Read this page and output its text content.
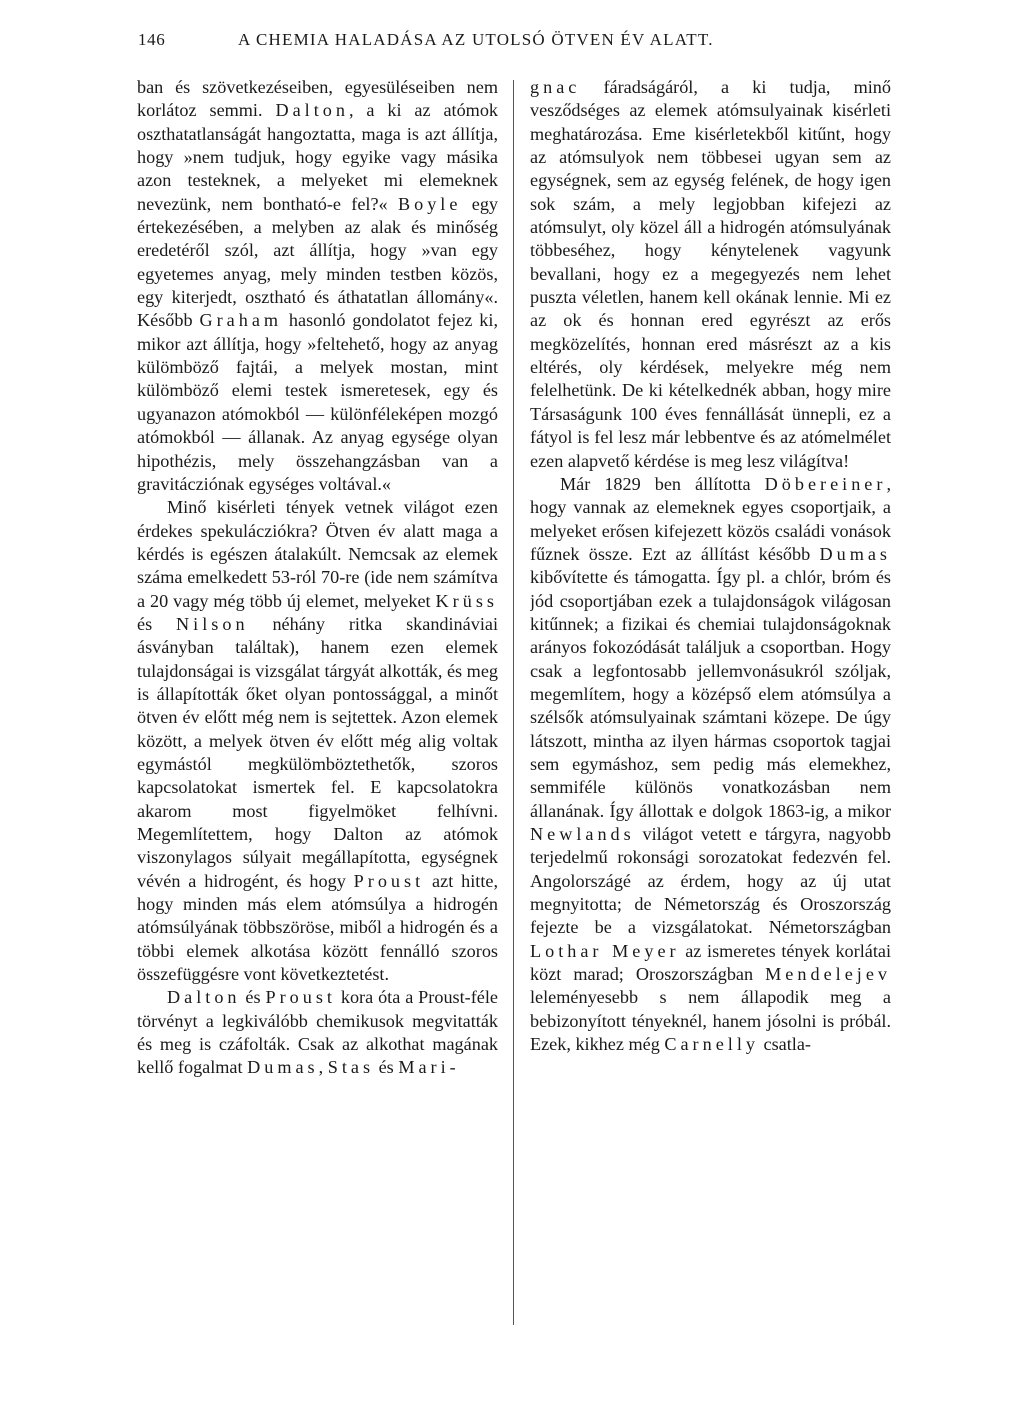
146	A CHEMIA HALADÁSA AZ UTOLSÓ ÖTVEN ÉV ALATT.

ban és szövetkezéseiben, egyesüléseiben nem korlátoz semmi. Dalton, a ki az atómok oszthatatlanságát hangoztatta, maga is azt állítja, hogy »nem tudjuk, hogy egyike vagy másika azon testeknek, a melyeket mi elemeknek nevezünk, nem bontható-e fel?« Boyle egy értekezésében, a melyben az alak és minőség eredetéről szól, azt állítja, hogy »van egy egyetemes anyag, mely minden testben közös, egy kiterjedt, osztható és áthatatlan állomány«. Később Graham hasonló gondolatot fejez ki, mikor azt állítja, hogy »feltehető, hogy az anyag külömböző fajtái, a melyek mostan, mint külömböző elemi testek ismeretesek, egy és ugyanazon atómokból — különféleképen mozgó atómokból — állanak. Az anyag egysége olyan hipothézis, mely összehangzásban van a gravitácziónak egységes voltával.«

Minő kisérleti tények vetnek világot ezen érdekes spekulácziókra? Ötven év alatt maga a kérdés is egészen átalakúlt. Nemcsak az elemek száma emelkedett 53-ról 70-re (ide nem számítva a 20 vagy még több új elemet, melyeket Krüss és Nilson néhány ritka skandináviai ásványban találtak), hanem ezen elemek tulajdonságai is vizsgálat tárgyát alkották, és meg is állapították őket olyan pontossággal, a minőt ötven év előtt még nem is sejtettek. Azon elemek között, a melyek ötven év előtt még alig voltak egymástól megkülömböztethetők, szoros kapcsolatokat ismertek fel. E kapcsolatokra akarom most figyelmöket felhívni. Megemlítettem, hogy Dalton az atómok viszonylagos súlyait megállapította, egységnek vévén a hidrogént, és hogy Proust azt hitte, hogy minden más elem atómsúlya a hidrogén atómsúlyának többszöröse, miből a hidrogén és a többi elemek alkotása között fennálló szoros összefüggésre vont következtetést.

Dalton és Proust kora óta a Proust-féle törvényt a legkiválóbb chemikusok megvitatták és meg is czáfolták. Csak az alkothat magának kellő fogalmat Dumas, Stas és Mari-

gnac fáradságáról, a ki tudja, minő vesződséges az elemek atómsulyainak kisérleti meghatározása. Eme kisérletekből kitűnt, hogy az atómsulyok nem többesei ugyan sem az egységnek, sem az egység felének, de hogy igen sok szám, a mely legjobban kifejezi az atómsulyt, oly közel áll a hidrogén atómsulyának többeséhez, hogy kénytelenek vagyunk bevallani, hogy ez a megegyezés nem lehet puszta véletlen, hanem kell okának lennie. Mi ez az ok és honnan ered egyrészt az erős megközelítés, honnan ered másrészt az a kis eltérés, oly kérdések, melyekre még nem felelhetünk. De ki kételkednék abban, hogy mire Társaságunk 100 éves fennállását ünnepli, ez a fátyol is fel lesz már lebbentve és az atómelmélet ezen alapvető kérdése is meg lesz világítva!

Már 1829 ben állította Döbereiner, hogy vannak az elemeknek egyes csoportjaik, a melyeket erősen kifejezett közös családi vonások fűznek össze. Ezt az állítást később Dumas kibővítette és támogatta. Így pl. a chlór, bróm és jód csoportjában ezek a tulajdonságok világosan kitűnnek; a fizikai és chemiai tulajdonságoknak arányos fokozódását találjuk a csoportban. Hogy csak a legfontosabb jellemvonásukról szóljak, megemlítem, hogy a középső elem atómsúlya a szélsők atómsulyainak számtani közepe. De úgy látszott, mintha az ilyen hármas csoportok tagjai sem egymáshoz, sem pedig más elemekhez, semmiféle különös vonatkozásban nem állanának. Így állottak e dolgok 1863-ig, a mikor Newlands világot vetett e tárgyra, nagyobb terjedelmű rokonsági sorozatokat fedezvén fel. Angolországé az érdem, hogy az új utat megnyitotta; de Németország és Oroszország fejezte be a vizsgálatokat. Németországban Lothar Meyer az ismeretes tények korlátai közt marad; Oroszországban Mendelejev leleményesebb s nem állapodik meg a bebizonyított tényeknél, hanem jósolni is próbál. Ezek, kikhez még Carnelly csatla-
